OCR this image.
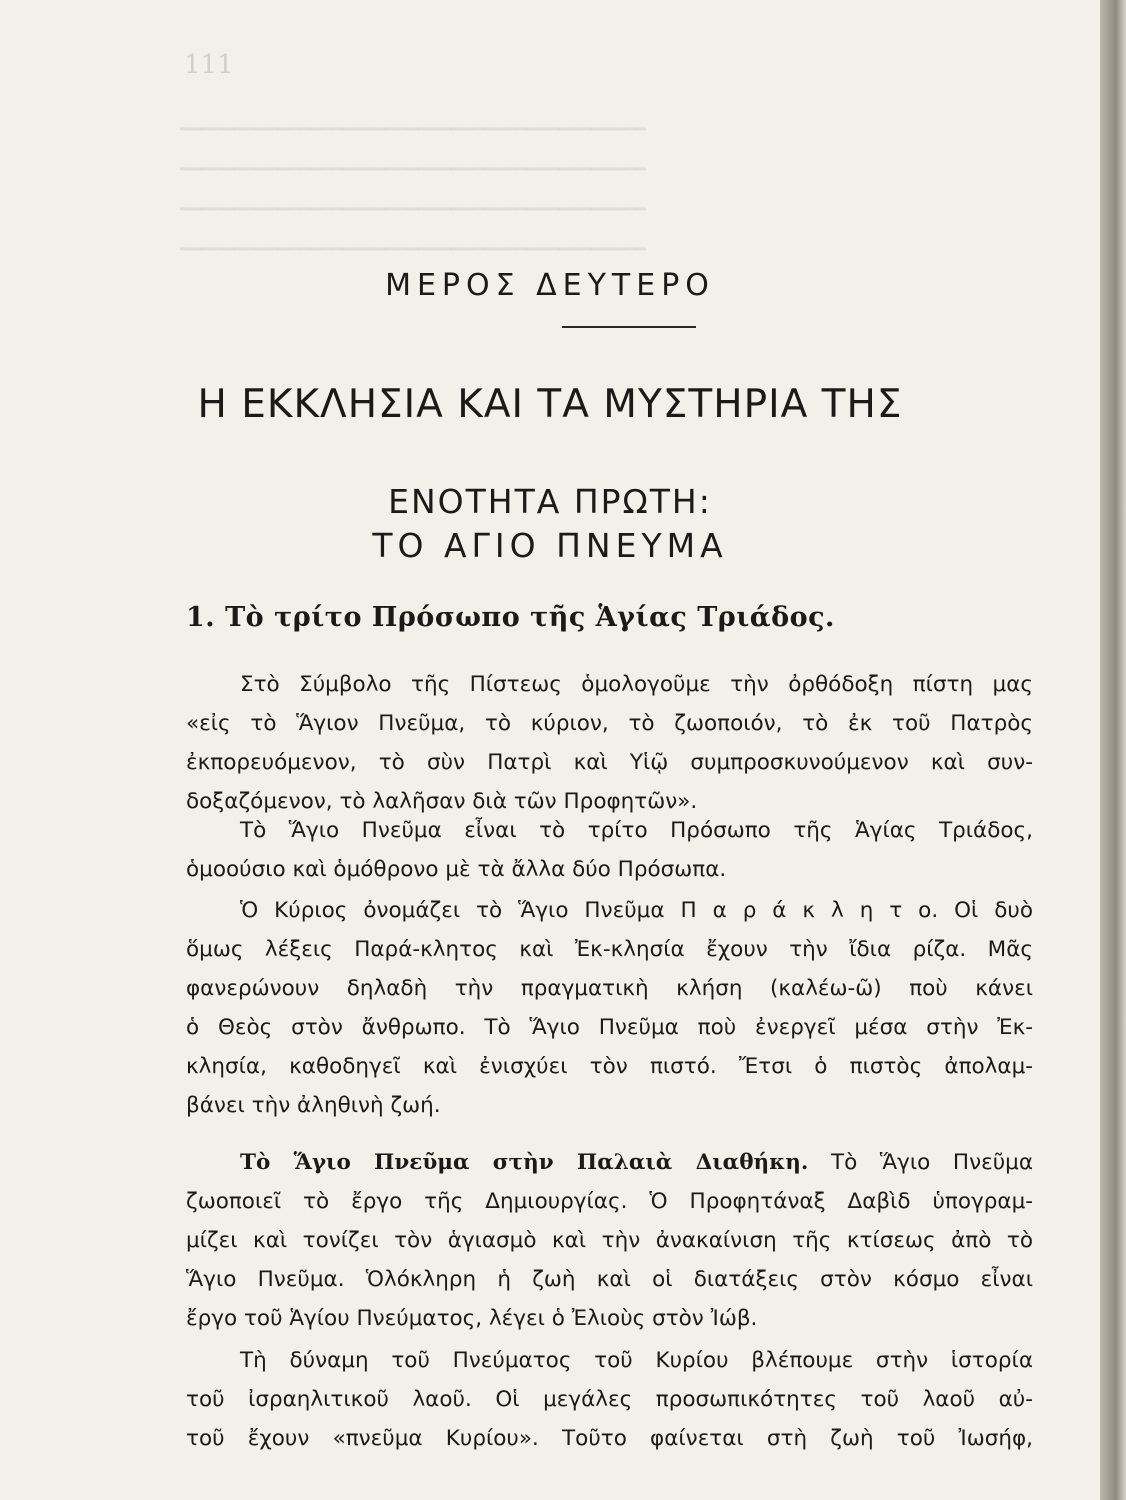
111
━━━━━━━━━━━━━━━━━━━━━━━━━━━━━━━━━━━━━━━━━━━
━━━━━━━━━━━━━━━━━━━━━━━━━━━━━━━━━━━━━━━━━━━
━━━━━━━━━━━━━━━━━━━━━━━━━━━━━━━━━━━━━━━━━━━
━━━━━━━━━━━━━━━━━━━━━━━━━━━━━━━━━━━━━━━━━━━
ΜΕΡΟΣ ΔΕΥΤΕΡΟ
Η ΕΚΚΛΗΣΙΑ ΚΑΙ ΤΑ ΜΥΣΤΗΡΙΑ ΤΗΣ
ΕΝΟΤΗΤΑ ΠΡΩΤΗ:
ΤΟ ΑΓΙΟ ΠΝΕΥΜΑ
1. Τὸ τρίτο Πρόσωπο τῆς Ἁγίας Τριάδος.
Στὸ Σύμβολο τῆς Πίστεως ὁμολογοῦμε τὴν ὀρθόδοξη πίστη μας
«εἰς τὸ Ἅγιον Πνεῦμα, τὸ κύριον, τὸ ζωοποιόν, τὸ ἐκ τοῦ Πατρὸς
ἐκπορευόμενον, τὸ σὺν Πατρὶ καὶ Υἱῷ συμπροσκυνούμενον καὶ συν-
δοξαζόμενον, τὸ λαλῆσαν διὰ τῶν Προφητῶν».
Τὸ Ἅγιο Πνεῦμα εἶναι τὸ τρίτο Πρόσωπο τῆς Ἁγίας Τριάδος,
ὁμοούσιο καὶ ὁμόθρονο μὲ τὰ ἄλλα δύο Πρόσωπα.
Ὁ Κύριος ὀνομάζει τὸ Ἅγιο Πνεῦμα Π α ρ ά κ λ η τ ο. Οἱ δυὸ
ὅμως λέξεις Παρά-κλητος καὶ Ἐκ-κλησία ἔχουν τὴν ἴδια ρίζα. Μᾶς
φανερώνουν δηλαδὴ τὴν πραγματικὴ κλήση (καλέω-ῶ) ποὺ κάνει
ὁ Θεὸς στὸν ἄνθρωπο. Τὸ Ἅγιο Πνεῦμα ποὺ ἐνεργεῖ μέσα στὴν Ἐκ-
κλησία, καθοδηγεῖ καὶ ἐνισχύει τὸν πιστό. Ἔτσι ὁ πιστὸς ἀπολαμ-
βάνει τὴν ἀληθινὴ ζωή.
Τὸ Ἅγιο Πνεῦμα στὴν Παλαιὰ Διαθήκη. Τὸ Ἅγιο Πνεῦμα
ζωοποιεῖ τὸ ἔργο τῆς Δημιουργίας. Ὁ Προφητάναξ Δαβὶδ ὑπογραμ-
μίζει καὶ τονίζει τὸν ἁγιασμὸ καὶ τὴν ἀνακαίνιση τῆς κτίσεως ἀπὸ τὸ
Ἅγιο Πνεῦμα. Ὁλόκληρη ἡ ζωὴ καὶ οἱ διατάξεις στὸν κόσμο εἶναι
ἔργο τοῦ Ἁγίου Πνεύματος, λέγει ὁ Ἐλιοὺς στὸν Ἰώβ.
Τὴ δύναμη τοῦ Πνεύματος τοῦ Κυρίου βλέπουμε στὴν ἱστορία
τοῦ ἰσραηλιτικοῦ λαοῦ. Οἱ μεγάλες προσωπικότητες τοῦ λαοῦ αὐ-
τοῦ ἔχουν «πνεῦμα Κυρίου». Τοῦτο φαίνεται στὴ ζωὴ τοῦ Ἰωσήφ,
